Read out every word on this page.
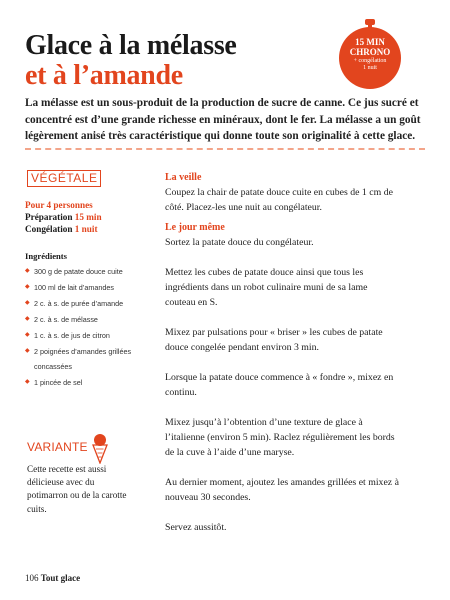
Glace à la mélasse
et à l’amande
15 MIN
CHRONO
+ congélation
1 nuit
La mélasse est un sous-produit de la production de sucre de canne. Ce jus sucré et concentré est d’une grande richesse en minéraux, dont le fer. La mélasse a un goût légèrement anisé très caractéristique qui donne toute son originalité à cette glace.
VÉGÉTALE
Pour 4 personnes
Préparation 15 min
Congélation 1 nuit
Ingrédients
◆ 300 g de patate douce cuite
◆ 100 ml de lait d’amandes
◆ 2 c. à s. de purée d’amande
◆ 2 c. à s. de mélasse
◆ 1 c. à s. de jus de citron
◆ 2 poignées d’amandes grillées concassées
◆ 1 pincée de sel
VARIANTE
Cette recette est aussi délicieuse avec du potimarron ou de la carotte cuits.

La veille

Coupez la chair de patate douce cuite en cubes de 1 cm de côté. Placez-les une nuit au congélateur.

Le jour même

Sortez la patate douce du congélateur.

Mettez les cubes de patate douce ainsi que tous les ingrédients dans un robot culinaire muni de sa lame couteau en S.

Mixez par pulsations pour « briser » les cubes de patate douce congelée pendant environ 3 min.

Lorsque la patate douce commence à « fondre », mixez en continu.

Mixez jusqu’à l’obtention d’une texture de glace à l’italienne (environ 5 min). Raclez régulièrement les bords de la cuve à l’aide d’une maryse.

Au dernier moment, ajoutez les amandes grillées et mixez à nouveau 30 secondes.

Servez aussitôt.

106 Tout glace
